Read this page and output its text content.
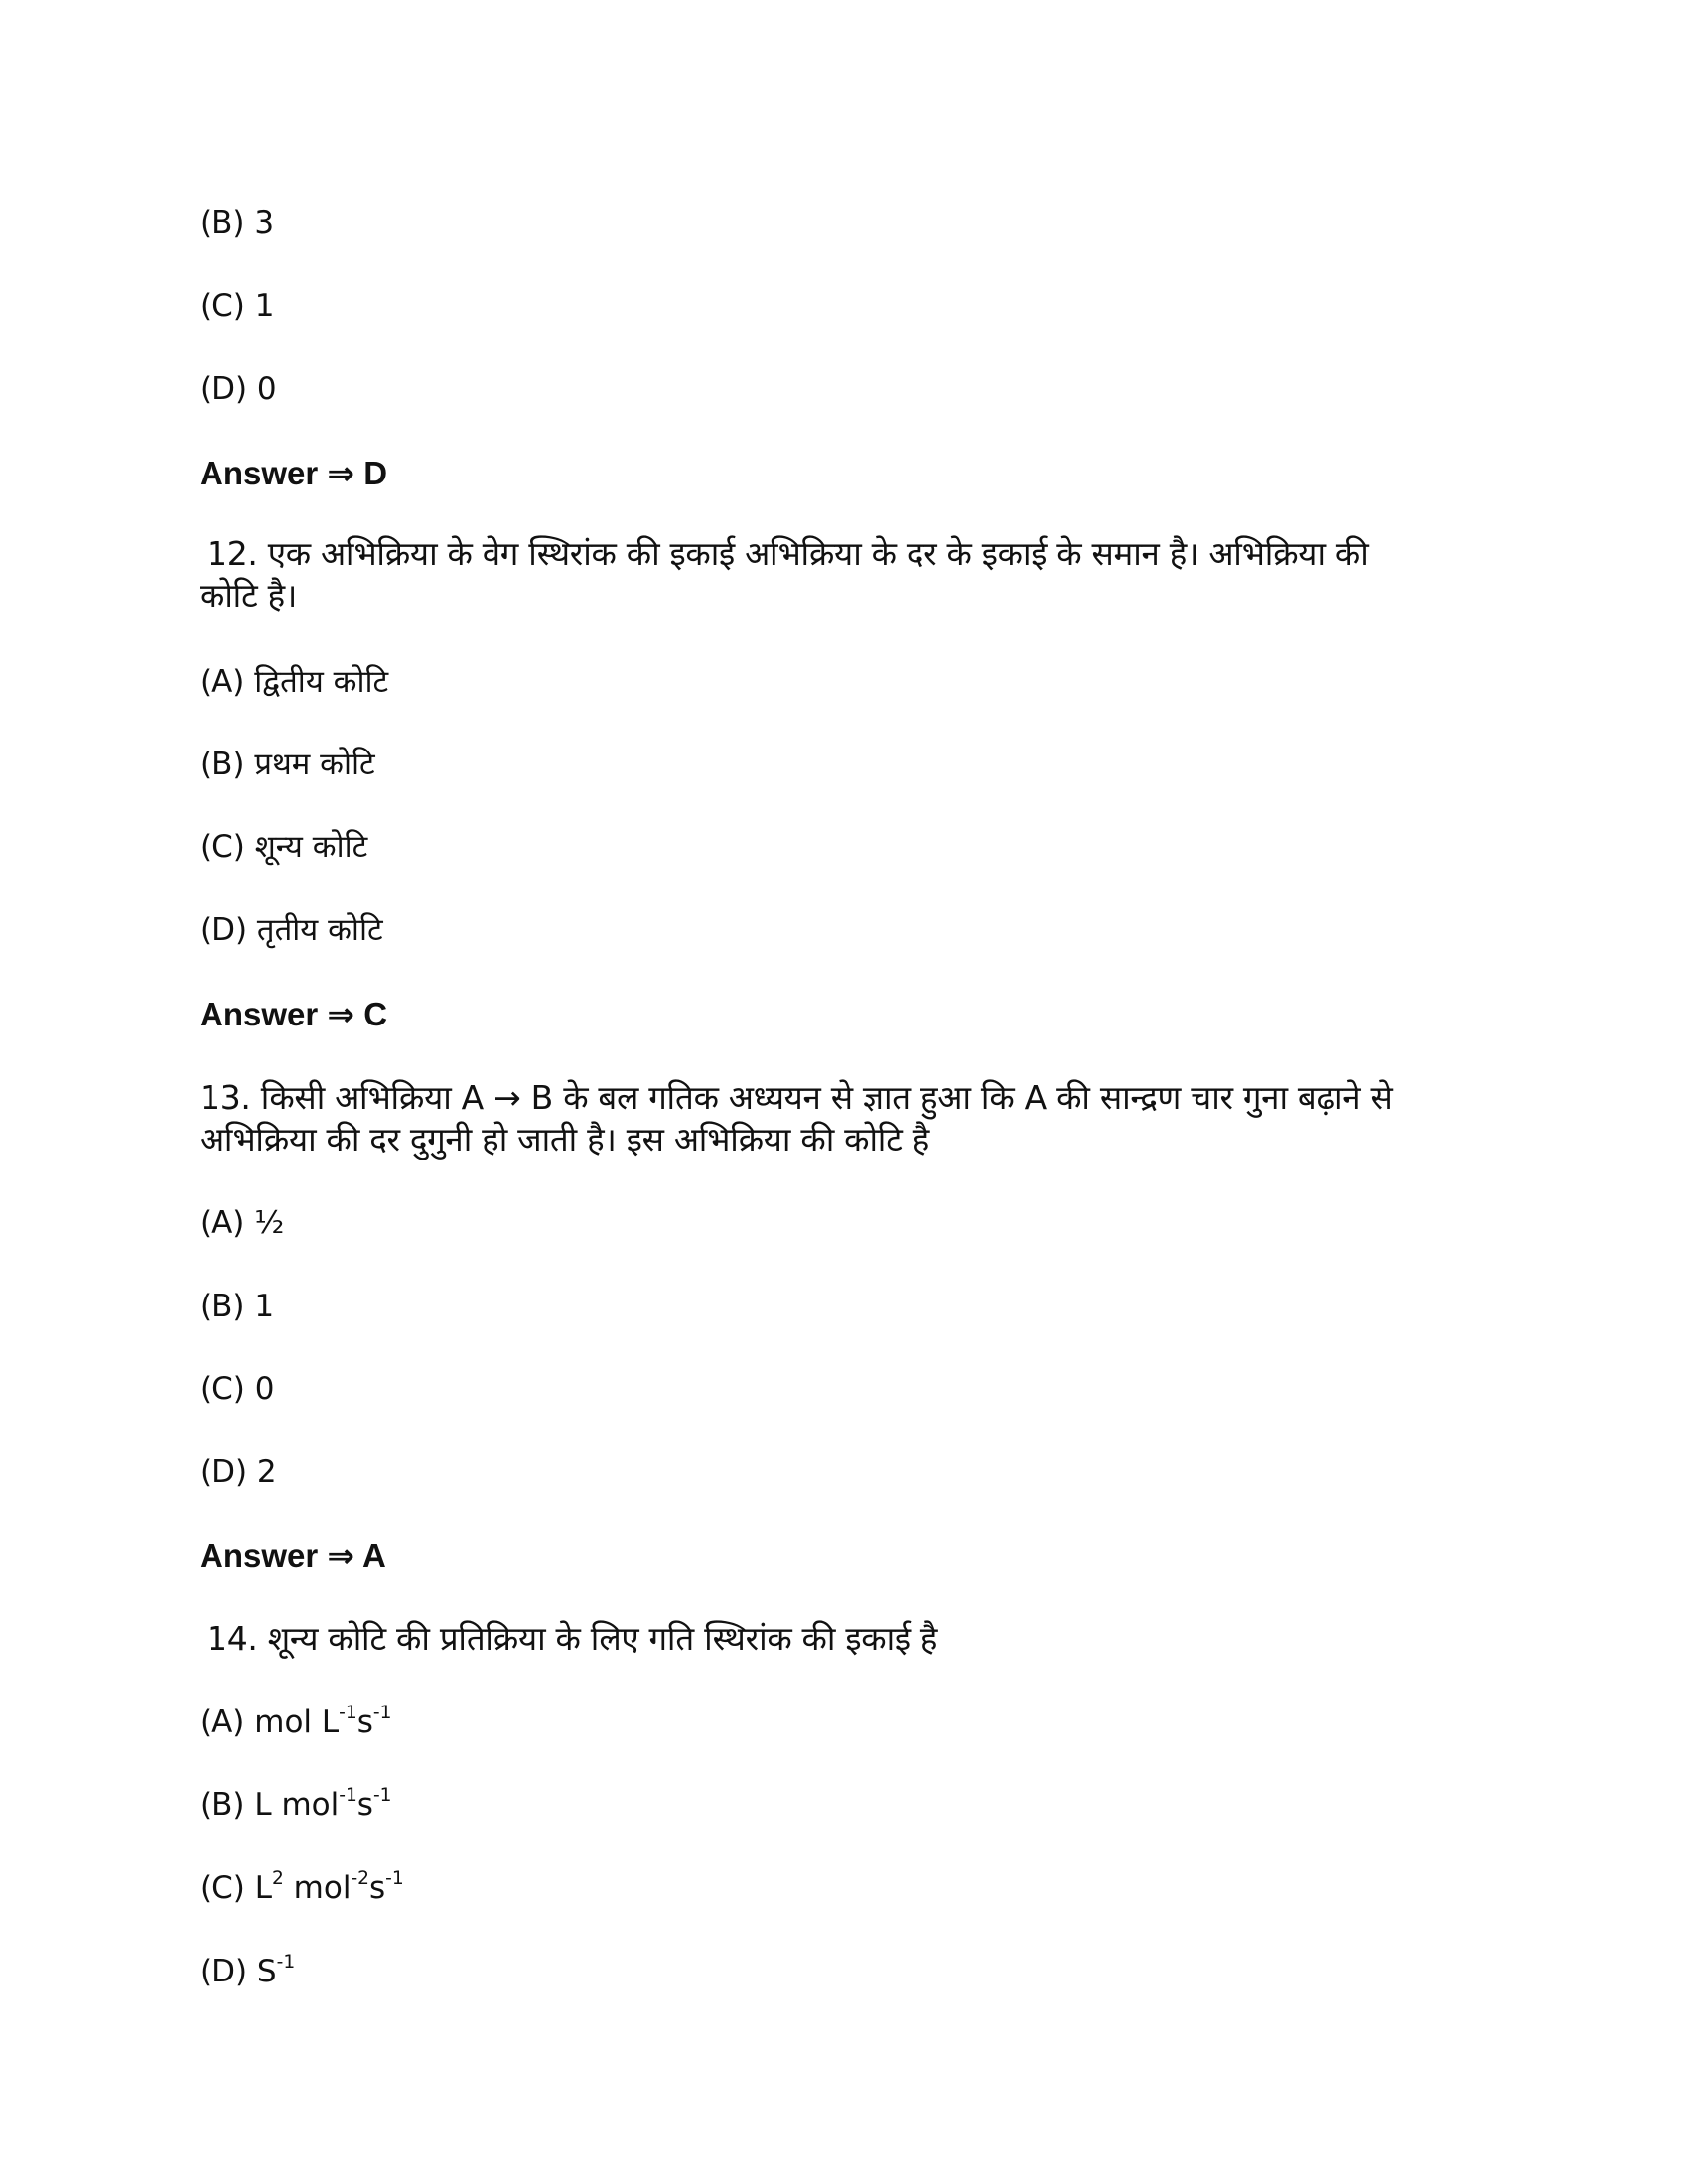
(B) 3
(C) 1
(D) 0
Answer ⇒ D
12. एक अभिक्रिया के वेग स्थिरांक की इकाई अभिक्रिया के दर के इकाई के समान है। अभिक्रिया की
कोटि है।
(A) द्वितीय कोटि
(B) प्रथम कोटि
(C) शून्य कोटि
(D) तृतीय कोटि
Answer ⇒ C
13. किसी अभिक्रिया A → B के बल गतिक अध्ययन से ज्ञात हुआ कि A की सान्द्रण चार गुना बढ़ाने से
अभिक्रिया की दर दुगुनी हो जाती है। इस अभिक्रिया की कोटि है
(A) ½
(B) 1
(C) 0
(D) 2
Answer ⇒ A
14. शून्य कोटि की प्रतिक्रिया के लिए गति स्थिरांक की इकाई है
(A) mol $L^{-1}s^{-1}$
(B) L $mol^{-1}s^{-1}$
(C) $L^2$ $mol^{-2}s^{-1}$
(D) $S^{-1}$
